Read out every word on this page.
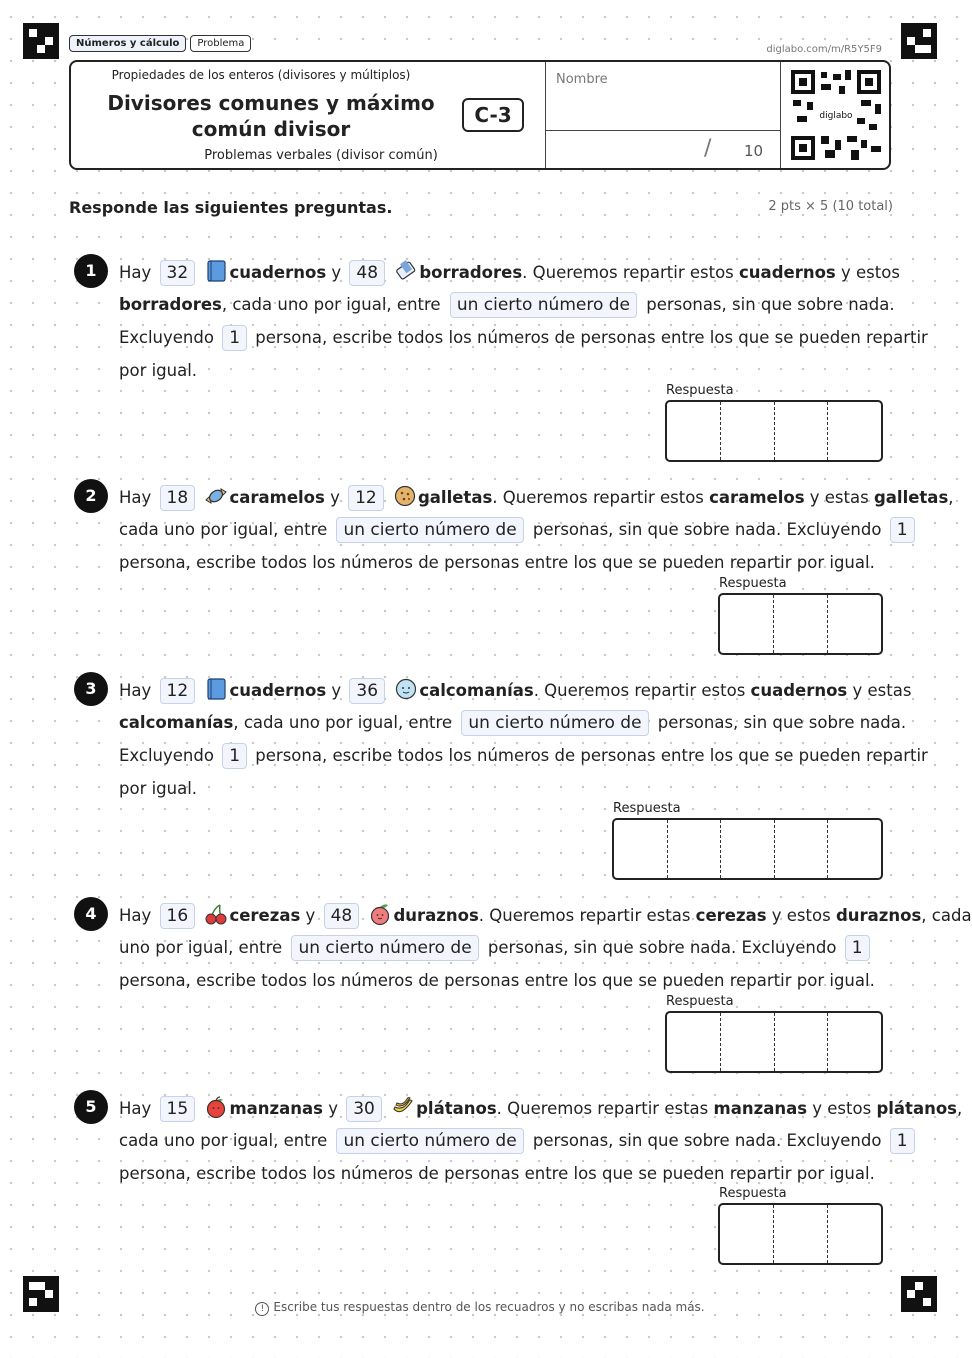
Números y cálculo	Problema
diglabo.com/m/R5Y5F9
Propiedades de los enteros (divisores y múltiplos)
Divisores comunes y máximo
común divisor
Problemas verbales (divisor común)
C-3
Nombre
/ 10
diglabo
Responde las siguientes preguntas.	2 pts × 5 (10 total)
1	Hay 32	cuadernos y 48	borradores. Queremos repartir estos cuadernos y estos
borradores, cada uno por igual, entre un cierto número de personas, sin que sobre nada.
Excluyendo 1 persona, escribe todos los números de personas entre los que se pueden repartir
por igual.
Respuesta
2	Hay 18	caramelos y 12	galletas. Queremos repartir estos caramelos y estas galletas,
cada uno por igual, entre un cierto número de personas, sin que sobre nada. Excluyendo 1
persona, escribe todos los números de personas entre los que se pueden repartir por igual.
Respuesta
3	Hay 12	cuadernos y 36	calcomanías. Queremos repartir estos cuadernos y estas
calcomanías, cada uno por igual, entre un cierto número de personas, sin que sobre nada.
Excluyendo 1 persona, escribe todos los números de personas entre los que se pueden repartir
por igual.
Respuesta
4	Hay 16	cerezas y 48	duraznos. Queremos repartir estas cerezas y estos duraznos, cada
uno por igual, entre un cierto número de personas, sin que sobre nada. Excluyendo 1
persona, escribe todos los números de personas entre los que se pueden repartir por igual.
Respuesta
5	Hay 15	manzanas y 30	plátanos. Queremos repartir estas manzanas y estos plátanos,
cada uno por igual, entre un cierto número de personas, sin que sobre nada. Excluyendo 1
persona, escribe todos los números de personas entre los que se pueden repartir por igual.
Respuesta
! Escribe tus respuestas dentro de los recuadros y no escribas nada más.
